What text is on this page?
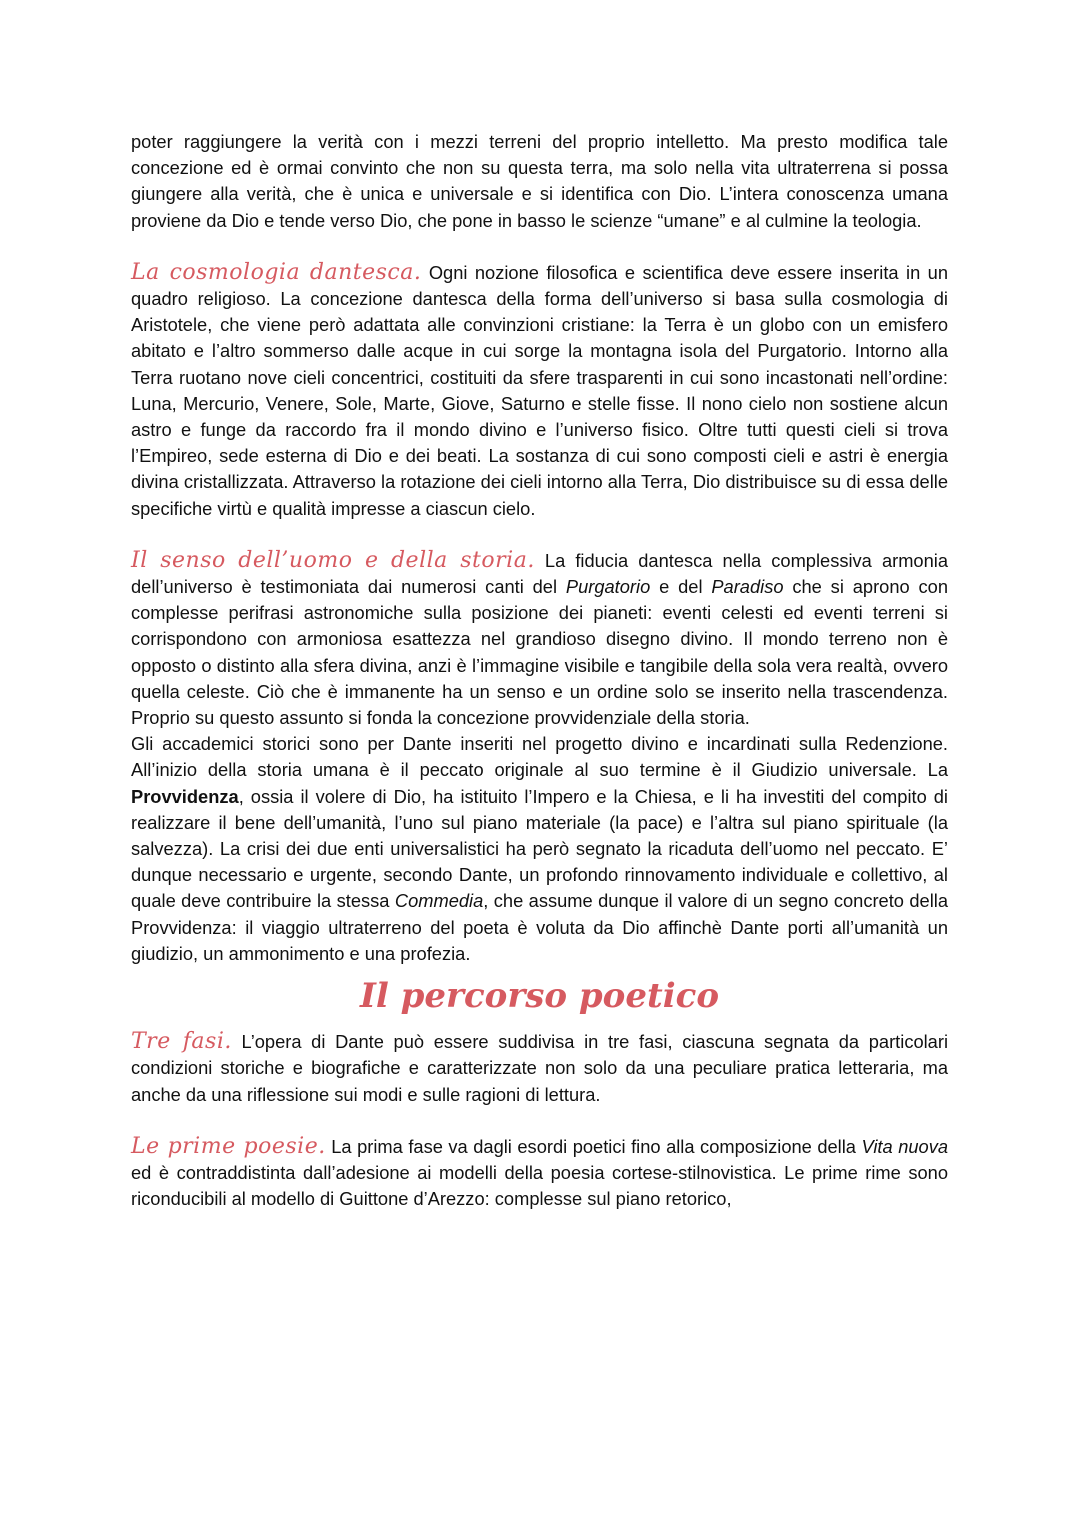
poter raggiungere la verità con i mezzi terreni del proprio intelletto. Ma presto modifica tale concezione ed è ormai convinto che non su questa terra, ma solo nella vita ultraterrena si possa giungere alla verità, che è unica e universale e si identifica con Dio. L’intera conoscenza umana proviene da Dio e tende verso Dio, che pone in basso le scienze “umane” e al culmine la teologia.

La cosmologia dantesca. Ogni nozione filosofica e scientifica deve essere inserita in un quadro religioso. La concezione dantesca della forma dell’universo si basa sulla cosmologia di Aristotele, che viene però adattata alle convinzioni cristiane: la Terra è un globo con un emisfero abitato e l’altro sommerso dalle acque in cui sorge la montagna isola del Purgatorio. Intorno alla Terra ruotano nove cieli concentrici, costituiti da sfere trasparenti in cui sono incastonati nell’ordine: Luna, Mercurio, Venere, Sole, Marte, Giove, Saturno e stelle fisse. Il nono cielo non sostiene alcun astro e funge da raccordo fra il mondo divino e l’universo fisico. Oltre tutti questi cieli si trova l’Empireo, sede esterna di Dio e dei beati. La sostanza di cui sono composti cieli e astri è energia divina cristallizzata. Attraverso la rotazione dei cieli intorno alla Terra, Dio distribuisce su di essa delle specifiche virtù e qualità impresse a ciascun cielo.

Il senso dell’uomo e della storia. La fiducia dantesca nella complessiva armonia dell’universo è testimoniata dai numerosi canti del Purgatorio e del Paradiso che si aprono con complesse perifrasi astronomiche sulla posizione dei pianeti: eventi celesti ed eventi terreni si corrispondono con armoniosa esattezza nel grandioso disegno divino. Il mondo terreno non è opposto o distinto alla sfera divina, anzi è l’immagine visibile e tangibile della sola vera realtà, ovvero quella celeste. Ciò che è immanente ha un senso e un ordine solo se inserito nella trascendenza. Proprio su questo assunto si fonda la concezione provvidenziale della storia.

Gli accademici storici sono per Dante inseriti nel progetto divino e incardinati sulla Redenzione. All’inizio della storia umana è il peccato originale al suo termine è il Giudizio universale. La Provvidenza, ossia il volere di Dio, ha istituito l’Impero e la Chiesa, e li ha investiti del compito di realizzare il bene dell’umanità, l’uno sul piano materiale (la pace) e l’altra sul piano spirituale (la salvezza). La crisi dei due enti universalistici ha però segnato la ricaduta dell’uomo nel peccato. E’ dunque necessario e urgente, secondo Dante, un profondo rinnovamento individuale e collettivo, al quale deve contribuire la stessa Commedia, che assume dunque il valore di un segno concreto della Provvidenza: il viaggio ultraterreno del poeta è voluta da Dio affinchè Dante porti all’umanità un giudizio, un ammonimento e una profezia.

Il percorso poetico

Tre fasi. L’opera di Dante può essere suddivisa in tre fasi, ciascuna segnata da particolari condizioni storiche e biografiche e caratterizzate non solo da una peculiare pratica letteraria, ma anche da una riflessione sui modi e sulle ragioni di lettura.

Le prime poesie. La prima fase va dagli esordi poetici fino alla composizione della Vita nuova ed è contraddistinta dall’adesione ai modelli della poesia cortese-stilnovistica. Le prime rime sono riconducibili al modello di Guittone d’Arezzo: complesse sul piano retorico,
